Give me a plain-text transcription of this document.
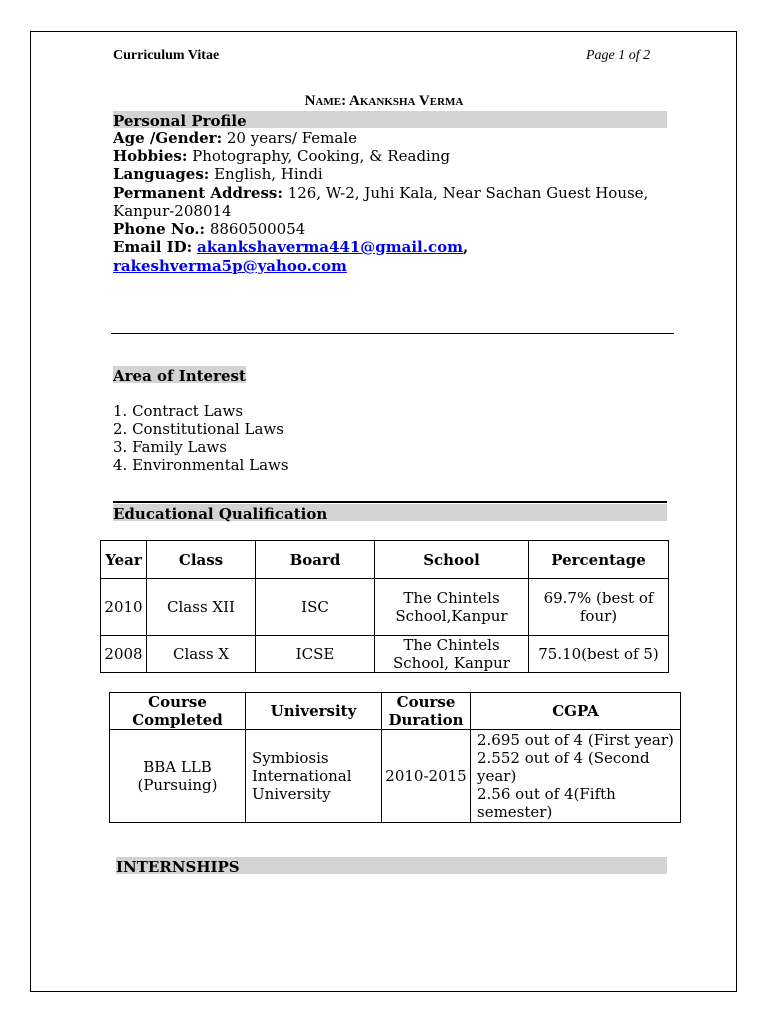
Curriculum Vitae	Page 1 of 2
Name: Akanksha Verma
Personal Profile
Age /Gender: 20 years/ Female
Hobbies: Photography, Cooking, & Reading
Languages: English, Hindi
Permanent Address: 126, W-2, Juhi Kala, Near Sachan Guest House,
Kanpur-208014
Phone No.: 8860500054
Email ID: akankshaverma441@gmail.com,
rakeshverma5p@yahoo.com
Area of Interest
1. Contract Laws
2. Constitutional Laws
3. Family Laws
4. Environmental Laws
Educational Qualification
Year	Class	Board	School	Percentage
2010	Class XII	ISC	The Chintels School,Kanpur	69.7% (best of four)
2008	Class X	ICSE	The Chintels School, Kanpur	75.10(best of 5)
Course Completed	University	Course Duration	CGPA
BBA LLB (Pursuing)	Symbiosis International University	2010-2015	2.695 out of 4 (First year)
2.552 out of 4 (Second year)
2.56 out of 4(Fifth semester)
INTERNSHIPS
